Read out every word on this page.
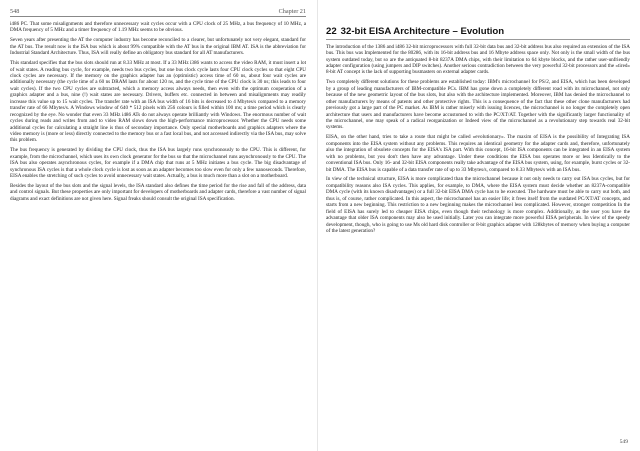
548	Chapter 21

i486 PC. That some misalignments and therefore unnecessary wait cycles occur with a CPU clock of 25 MHz, a bus frequency of 10 MHz, a DMA frequency of 5 MHz and a timer frequency of 1.19 MHz seems to be obvious.

Seven years after presenting the AT the computer industry has become reconciled to a clearer, but unfortunately not very elegant, standard for the AT bus. The result now is the ISA bus which is about 99% compatible with the AT bus in the original IBM AT. ISA is the abbreviation for Industrial Standard Architecture. Thus, ISA will really define an obligatory bus standard for all AT manufacturers.

This standard specifies that the bus slots should run at 8.33 MHz at most. If a 33 MHz i386 wants to access the video RAM, it must insert a lot of wait states. A reading bus cycle, for example, needs two bus cycles, but one bus clock cycle lasts four CPU clock cycles so that eight CPU clock cycles are necessary. If the memory on the graphics adapter has an (optimistic) access time of 60 ns, about four wait cycles are additionally necessary (the cycle time of a 60 ns DRAM lasts for about 120 ns, and the cycle time of the CPU clock is 30 ns; this leads to four wait cycles). If the two CPU cycles are subtracted, which a memory access always needs, then even with the optimum cooperation of a graphics adapter and a bus, nine (!) wait states are necessary. Drivers, buffers etc. connected in between and misalignments may readily increase this value up to 15 wait cycles. The transfer rate with an ISA bus width of 16 bits is decreased to 4 Mbytes/s compared to a memory transfer rate of 66 Mbytes/s. A Windows window of 640 * 512 pixels with 256 colours is filled within 100 ms; a time period which is clearly recognized by the eye. No wonder that even 33 MHz i486 ATs do not always operate brilliantly with Windows. The enormous number of wait cycles during reads and writes from and to video RAM slows down the high-performance microprocessor. Whether the CPU needs some additional cycles for calculating a straight line is thus of secondary importance. Only special motherboards and graphics adapters where the video memory is (more or less) directly connected to the memory bus or a fast local bus, and not accessed indirectly via the ISA bus, may solve this problem.

The bus frequency is generated by dividing the CPU clock, thus the ISA bus largely runs synchronously to the CPU. This is different, for example, from the microchannel, which uses its own clock generator for the bus so that the microchannel runs asynchronously to the CPU. The ISA bus also operates asynchronous cycles, for example if a DMA chip that runs at 5 MHz initiates a bus cycle. The big disadvantage of synchronous ISA cycles is that a whole clock cycle is lost as soon as an adapter becomes too slow even for only a few nanoseconds. Therefore, EISA enables the stretching of such cycles to avoid unnecessary wait states. Actually, a bus is much more than a slot on a motherboard.

Besides the layout of the bus slots and the signal levels, the ISA standard also defines the time period for the rise and fall of the address, data and control signals. But these properties are only important for developers of motherboards and adapter cards, therefore a vast number of signal diagrams and exact definitions are not given here. Signal freaks should consult the original ISA specification.

22 32-bit EISA Architecture – Evolution

The introduction of the 1386 and i486 32-bit microprocessors with full 32-bit data bus and 32-bit address bus also required an extension of the ISA bus. This bus was Implemented for the 80286, with its 16-bit address bus and 16 Mbyte address space only. Not only is the small width of the bus system outdated today, but so are the antiquated 8-bit 8237A DMA chips, with their limitation to 64 kbyte blocks, and the rather user-unfriendly adapter configuration (using jumpers and DIP switches). Another serious contradiction between the very powerful 32-bit processors and the «tired» 8-bit AT concept is the lack of supporting busmasters on external adapter cards.

Two completely different solutions for these problems are established today: IBM's microchannel for PS/2, and EISA, which has been developed by a group of leading manufacturers of IBM-compatible PCs. IBM has gone down a completely different road with its microchannel, not only because of the new geometric layout of the bus slots, but also with the architecture implemented. Moreover, IBM has denied the microchannel to other manufacturers by means of patents and other protective rights. This is a consequence of the fact that these other clone manufacturers had previously got a large part of the PC market. As IBM is rather miserly with issuing licences, the microchannel is no longer the completely open architecture that users and manufacturers have become accustomed to with the PC/XT/AT. Together with the significantly larger functionality of the microchannel, one may speak of a radical reorganization or Indeed view of the microchannel as a revolutionary step towards real 32-bit systems.

EISA, on the other hand, tries to take a route that might be called «evolutionary». The maxim of EISA is the possibility of Integrating ISA components into the EISA system without any problems. This requires an identical geometry for the adapter cards and, therefore, unfortunately also the integration of obsolete concepts for the EISA's ISA part. With this concept, 16-bit ISA components can be integrated in an EISA system with no problems, but you don't then have any advantage. Under these conditions the EISA bus operates more or less Identically to the conventional ISA bus. Only 16- and 32-bit EISA components really take advantage of the EISA bus system, using, for example, burst cycles or 32-bit DMA. The EISA bus is capable of a data transfer rate of up to 33 Mbytes/s, compared to 8.33 Mbytes/s with an ISA bus.

In view of the technical structure, EISA is more complicated than the microchannel because it not only needs to carry out ISA bus cycles, but for compatibility reasons also ISA cycles. This applies, for example, to DMA, where the EISA system must decide whether an 8237A-compatible DMA cycle (with its known disadvantages) or a full 32-bit EISA DMA cycle has to be executed. The hardware must be able to carry out both, and thus is, of course, rather complicated. In this aspect, the microchannel has an easier life; it frees itself from the outdated PC/XT/AT concepts, and starts from a new beginning. This restriction to a new beginning makes the microchannel less complicated. However, stronger competition In the field of EISA has surely led to cheaper EISA chips, even though their technology is more complex. Additionally, as the user you have the advantage that older ISA components may also be used initially. Later you can integrate more powerful EISA peripherals. In view of the speedy development, though, who is going to use Ms old hard disk controller or 8-bit graphics adapter with 128kbytes of memory when buying a computer of the latest generation?

549
